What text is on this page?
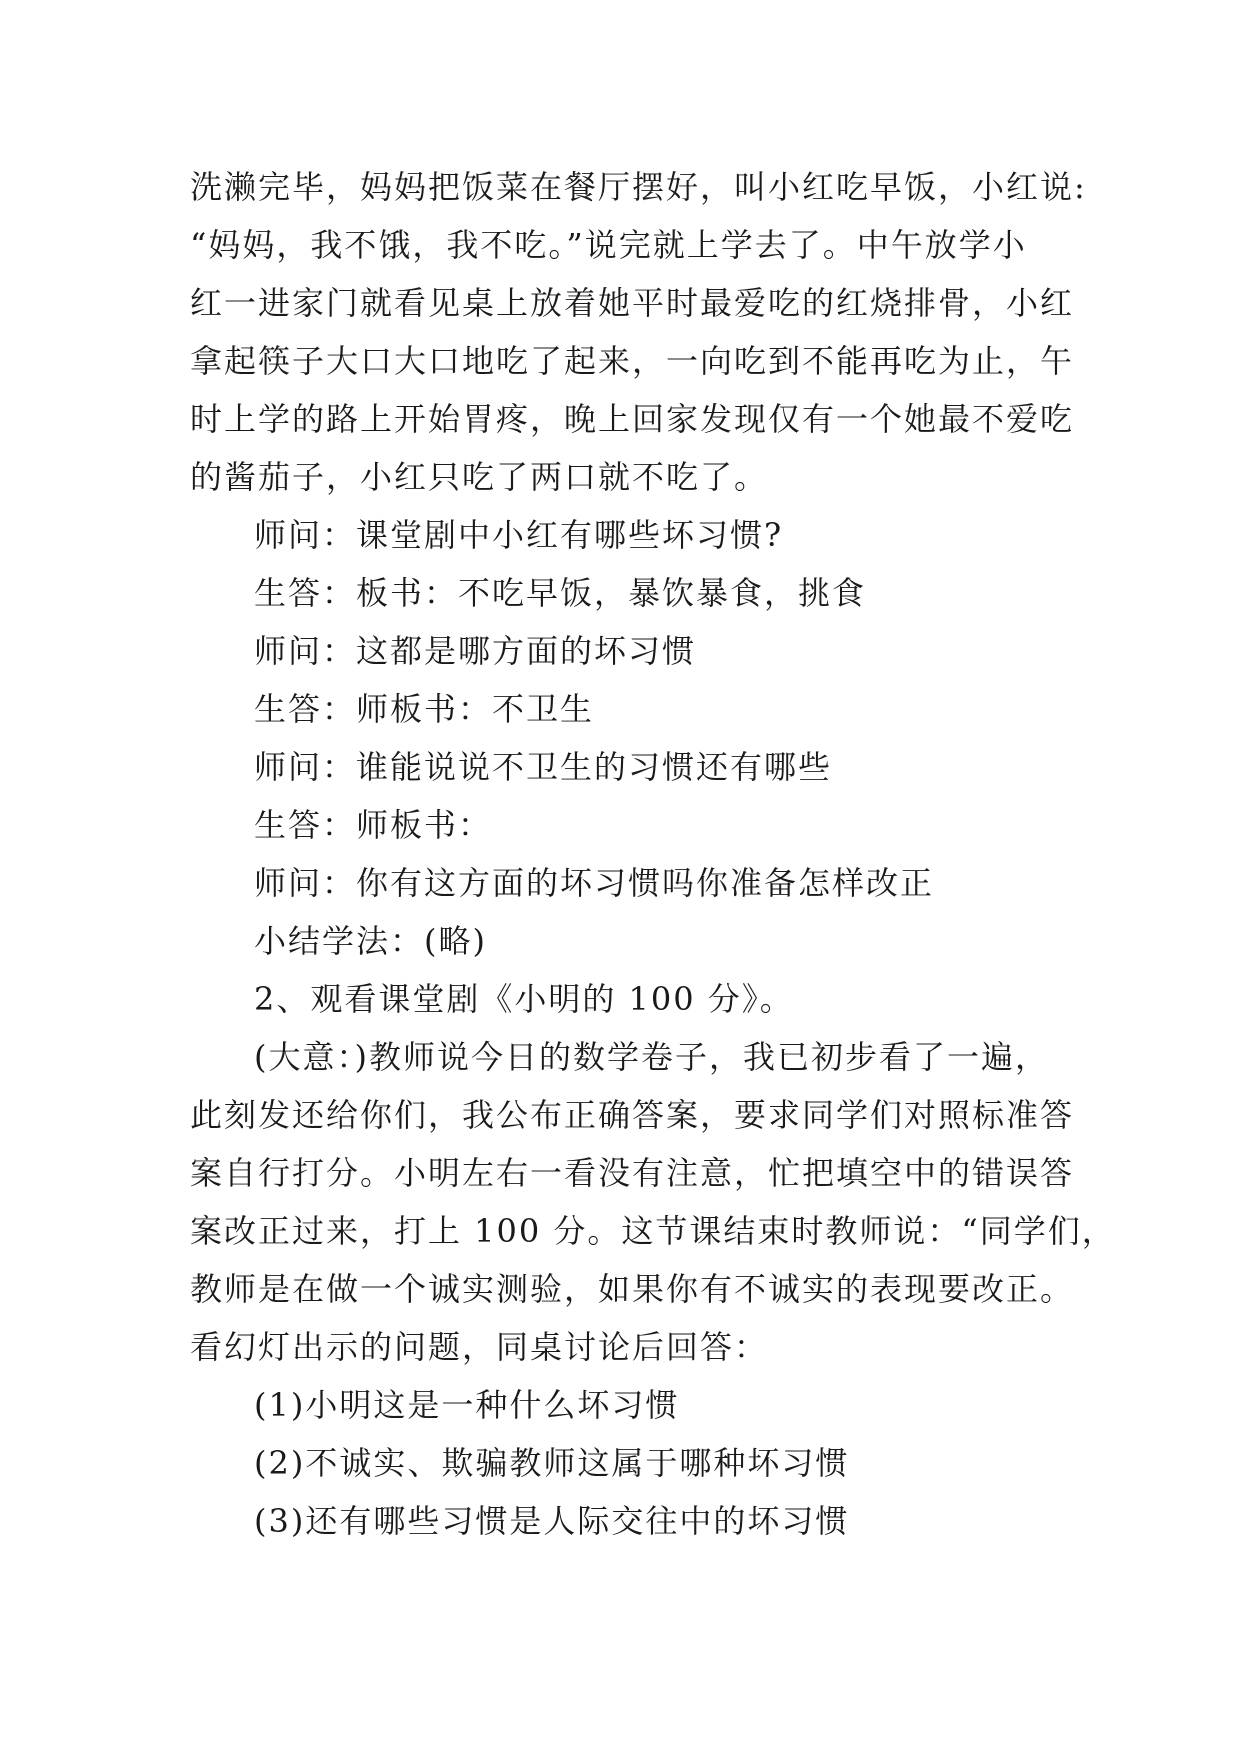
洗濑完毕，妈妈把饭菜在餐厅摆好，叫小红吃早饭，小红说:

“妈妈，我不饿，我不吃。”说完就上学去了。中午放学小

红一进家门就看见桌上放着她平时最爱吃的红烧排骨，小红

拿起筷子大口大口地吃了起来，一向吃到不能再吃为止，午

时上学的路上开始胃疼，晚上回家发现仅有一个她最不爱吃

的酱茄子，小红只吃了两口就不吃了。

师问：课堂剧中小红有哪些坏习惯?

生答：板书：不吃早饭，暴饮暴食，挑食

师问：这都是哪方面的坏习惯

生答：师板书：不卫生

师问：谁能说说不卫生的习惯还有哪些

生答：师板书：

师问：你有这方面的坏习惯吗你准备怎样改正

小结学法：(略)

2、观看课堂剧《小明的 100 分》。

(大意：)教师说今日的数学卷子，我已初步看了一遍，

此刻发还给你们，我公布正确答案，要求同学们对照标准答

案自行打分。小明左右一看没有注意，忙把填空中的错误答

案改正过来，打上 100 分。这节课结束时教师说：“同学们，

教师是在做一个诚实测验，如果你有不诚实的表现要改正。

看幻灯出示的问题，同桌讨论后回答：

(1)小明这是一种什么坏习惯

(2)不诚实、欺骗教师这属于哪种坏习惯

(3)还有哪些习惯是人际交往中的坏习惯
